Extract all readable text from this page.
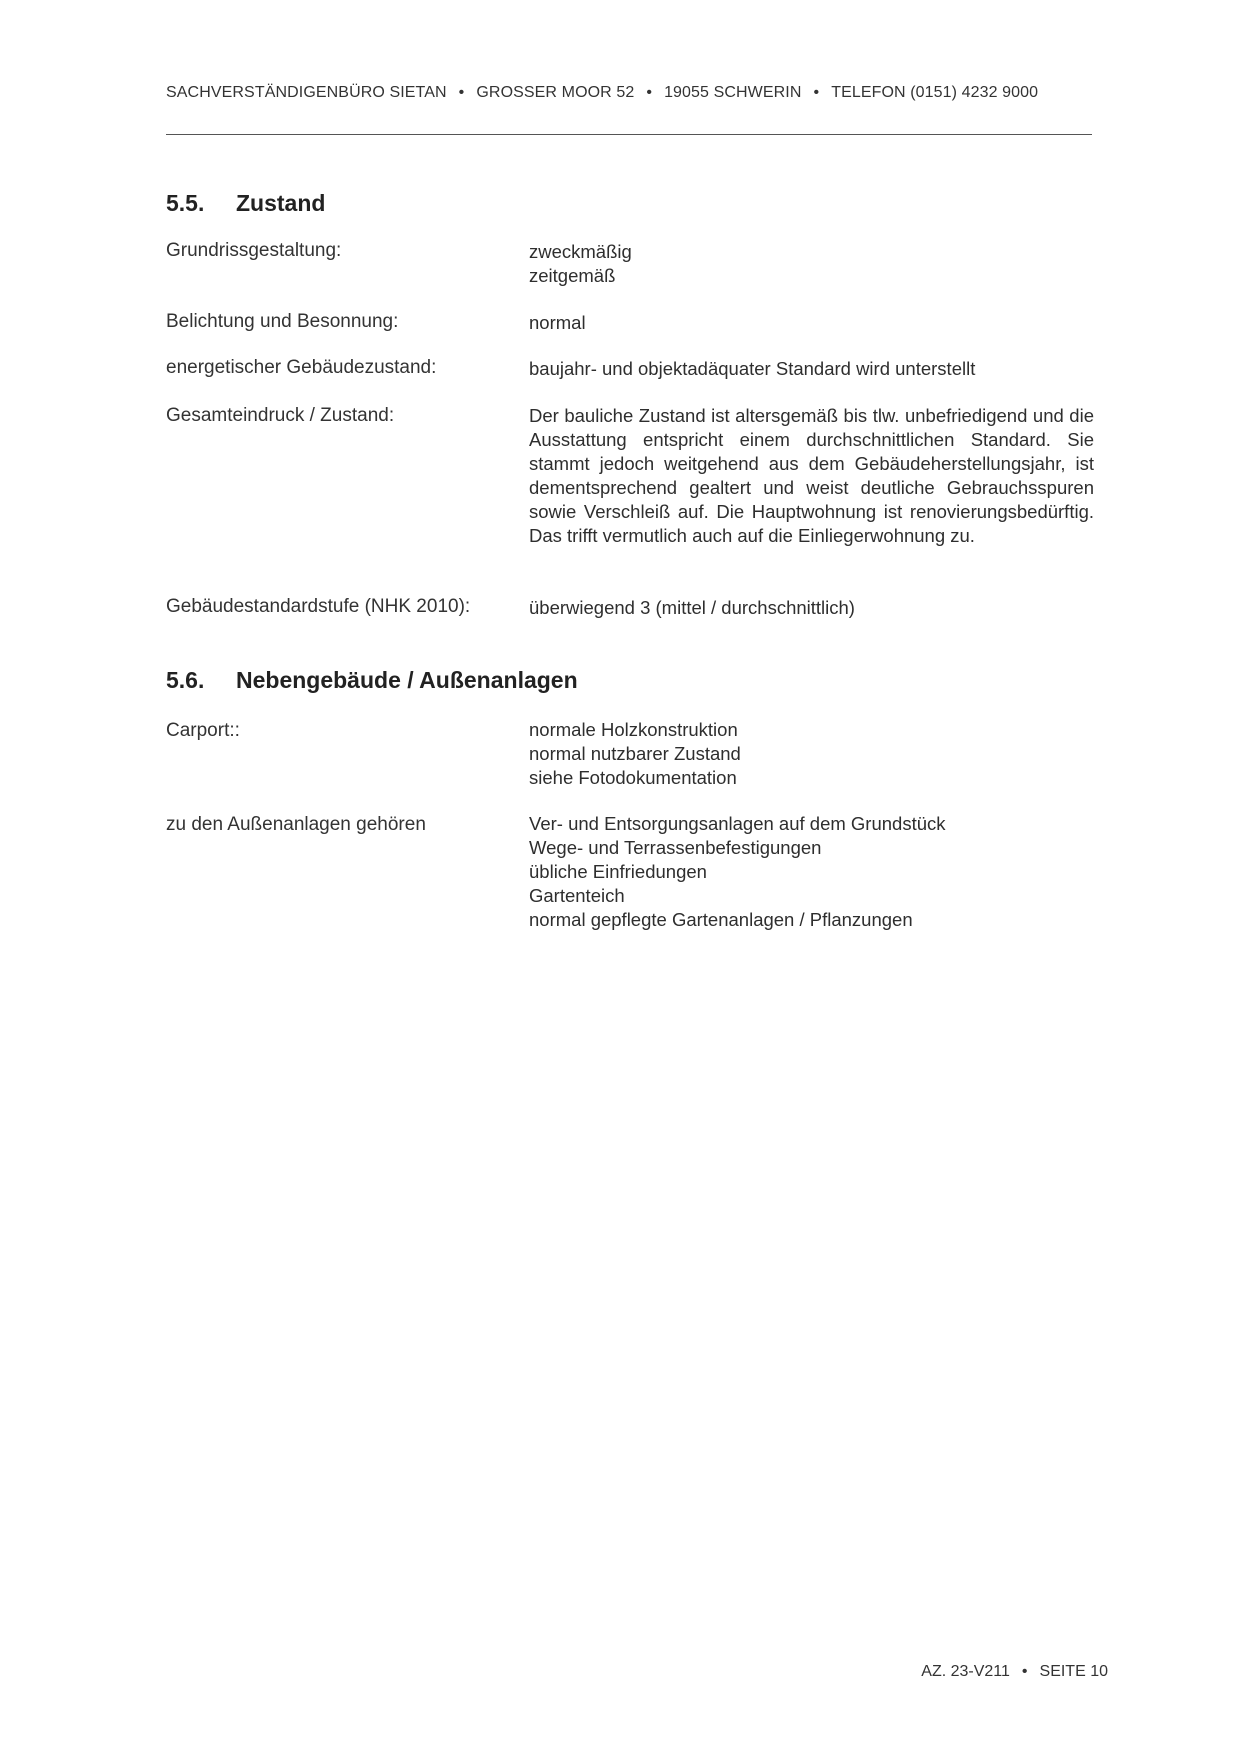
SACHVERSTÄNDIGENBÜRO SIETAN • GROSSER MOOR 52 • 19055 SCHWERIN • TELEFON (0151) 4232 9000
5.5. Zustand
Grundrissgestaltung:	zweckmäßig
zeitgemäß
Belichtung und Besonnung:	normal
energetischer Gebäudezustand:	baujahr- und objektadäquater Standard wird unterstellt
Gesamteindruck / Zustand:	Der bauliche Zustand ist altersgemäß bis tlw. unbefriedigend und die Ausstattung entspricht einem durchschnittlichen Standard. Sie stammt jedoch weitgehend aus dem Gebäudeherstellungsjahr, ist dementsprechend gealtert und weist deutliche Gebrauchsspuren sowie Verschleiß auf. Die Hauptwohnung ist renovierungsbedürftig. Das trifft vermutlich auch auf die Einliegerwohnung zu.
Gebäudestandardstufe (NHK 2010):	überwiegend 3 (mittel / durchschnittlich)
5.6. Nebengebäude / Außenanlagen
Carport::	normale Holzkonstruktion
normal nutzbarer Zustand
siehe Fotodokumentation
zu den Außenanlagen gehören	Ver- und Entsorgungsanlagen auf dem Grundstück
Wege- und Terrassenbefestigungen
übliche Einfriedungen
Gartenteich
normal gepflegte Gartenanlagen / Pflanzungen
AZ. 23-V211 • SEITE 10
